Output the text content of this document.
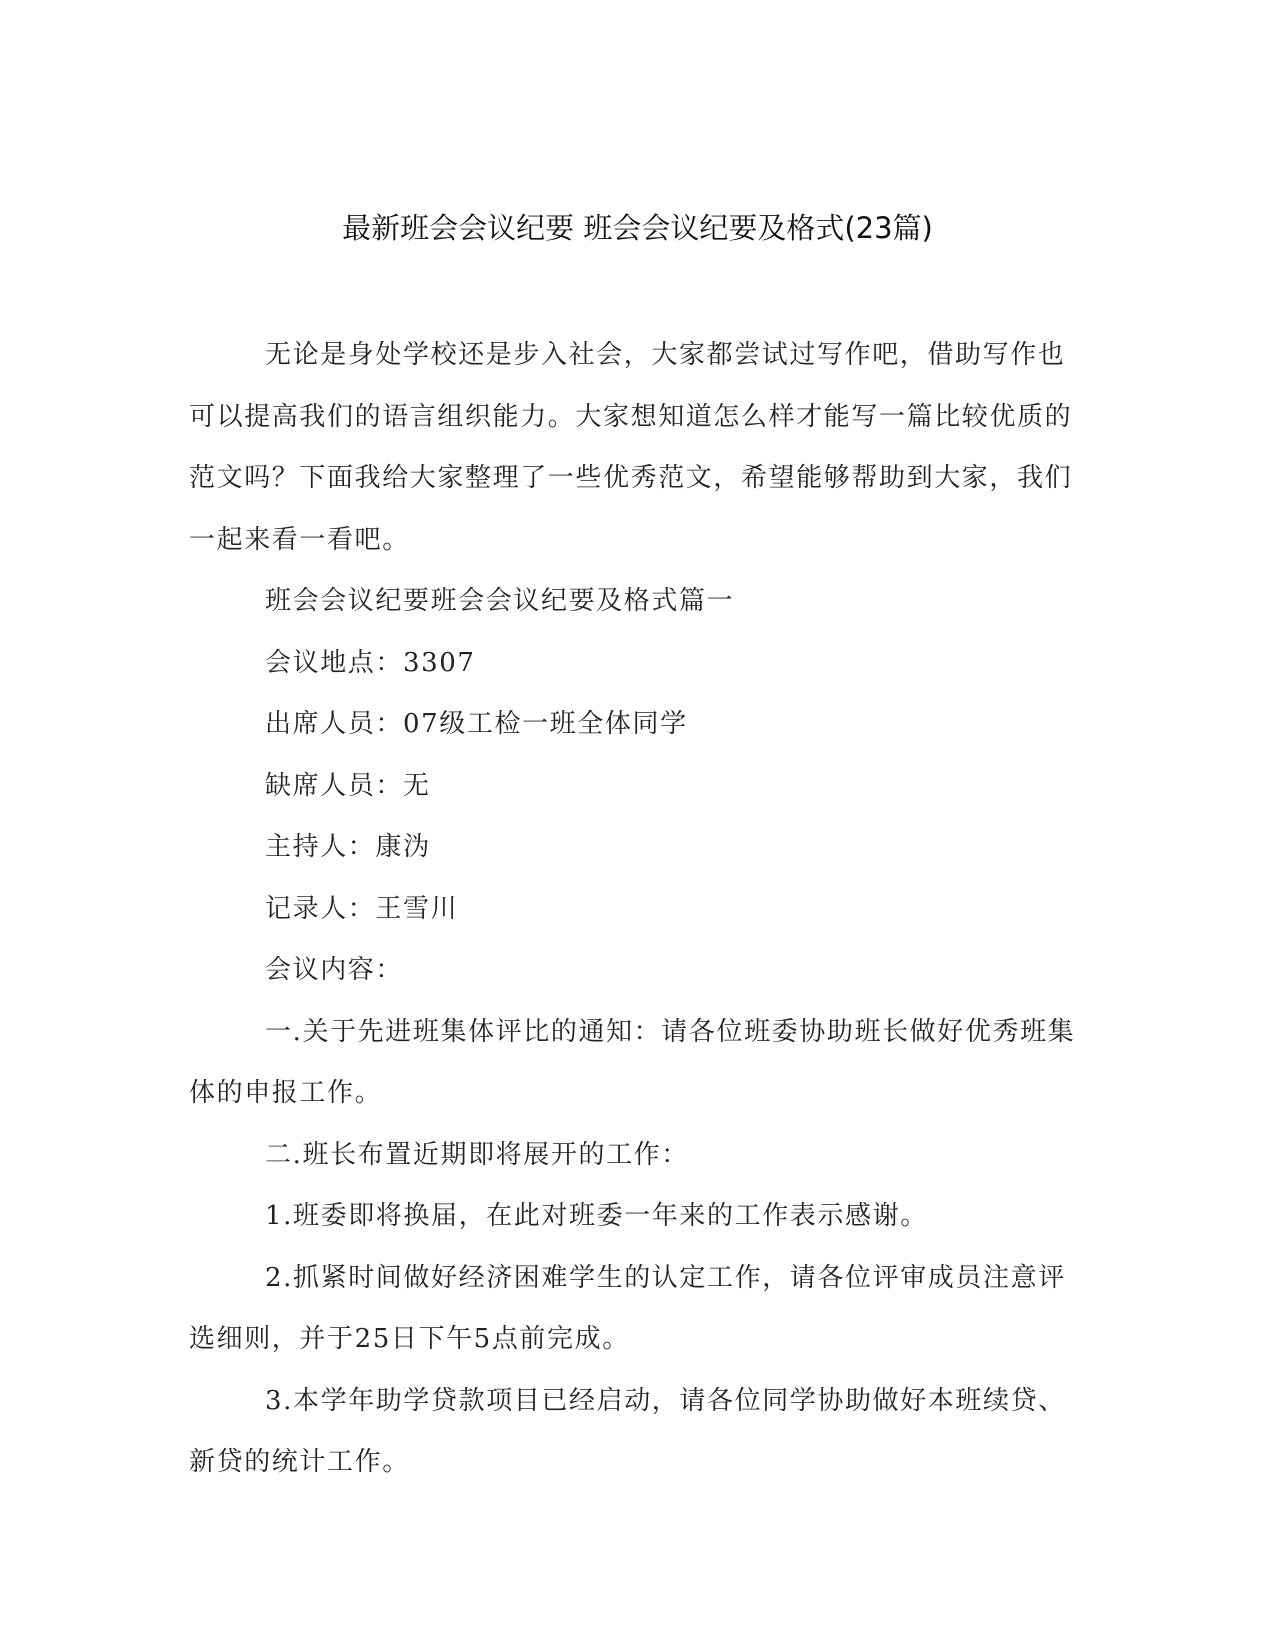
最新班会会议纪要 班会会议纪要及格式(23篇)

无论是身处学校还是步入社会，大家都尝试过写作吧，借助写作也可以提高我们的语言组织能力。大家想知道怎么样才能写一篇比较优质的范文吗？下面我给大家整理了一些优秀范文，希望能够帮助到大家，我们一起来看一看吧。

班会会议纪要班会会议纪要及格式篇一

会议地点：3307

出席人员：07级工检一班全体同学

缺席人员：无

主持人：康沩

记录人：王雪川

会议内容：

一.关于先进班集体评比的通知：请各位班委协助班长做好优秀班集体的申报工作。

二.班长布置近期即将展开的工作：

1.班委即将换届，在此对班委一年来的工作表示感谢。

2.抓紧时间做好经济困难学生的认定工作，请各位评审成员注意评选细则，并于25日下午5点前完成。

3.本学年助学贷款项目已经启动，请各位同学协助做好本班续贷、新贷的统计工作。
